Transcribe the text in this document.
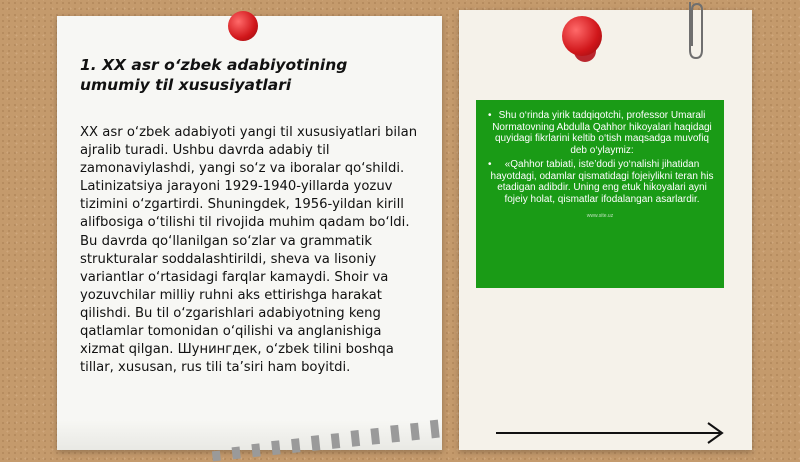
1. XX asr o‘zbek adabiyotining umumiy til xususiyatlari
XX asr o‘zbek adabiyoti yangi til xususiyatlari bilan ajralib turadi. Ushbu davrda adabiy til zamonaviylashdi, yangi so‘z va iboralar qo‘shildi. Latinizatsiya jarayoni 1929-1940-yillarda yozuv tizimini o‘zgartirdi. Shuningdek, 1956-yildan kirill alifbosiga o‘tilishi til rivojida muhim qadam bo‘ldi. Bu davrda qo‘llanilgan so‘zlar va grammatik strukturalar soddalashtirildi, sheva va lisoniy variantlar o‘rtasidagi farqlar kamaydi. Shoir va yozuvchilar milliy ruhni aks ettirishga harakat qilishdi. Bu til o‘zgarishlari adabiyotning keng qatlamlar tomonidan o‘qilishi va anglanishiga xizmat qilgan. Шунингдек, o‘zbek tilini boshqa tillar, xususan, rus tili ta’siri ham boyitdi.

• Shu o‘rinda yirik tadqiqotchi, professor Umarali Normatovning Abdulla Qahhor hikoyalari haqidagi quyidagi fikrlarini keltib o‘tish maqsadga muvofiq deb o‘ylaymiz:

• «Qahhor tabiati, iste’dodi yo‘nalishi jihatidan hayotdagi, odamlar qismatidagi fojeiylikni teran his etadigan adibdir. Uning eng etuk hikoyalari ayni fojeiy holat, qismatlar ifodalangan asarlardir.

www.site.uz
